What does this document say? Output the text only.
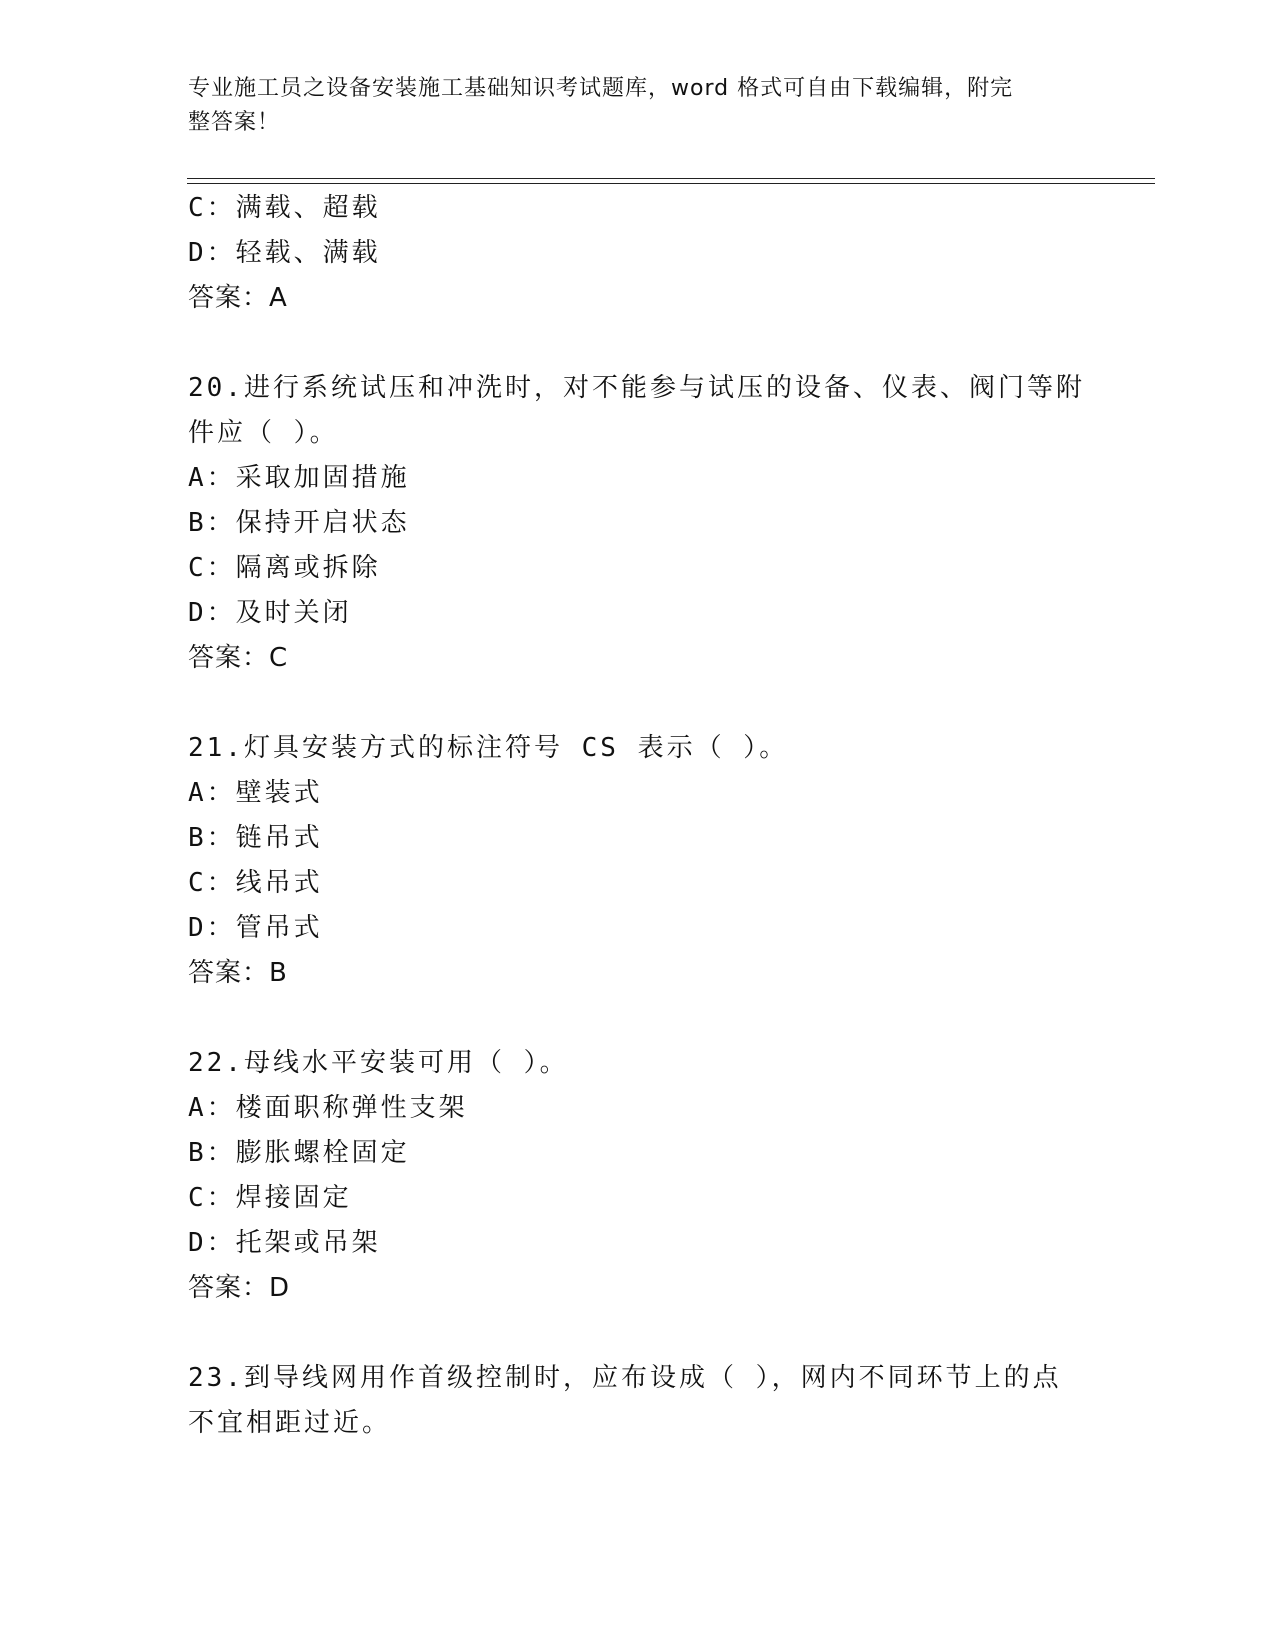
专业施工员之设备安装施工基础知识考试题库，word 格式可自由下载编辑，附完
整答案！
C：满载、超载
D：轻载、满载
答案：A
20.进行系统试压和冲洗时，对不能参与试压的设备、仪表、阀门等附
件应（ ）。
A：采取加固措施
B：保持开启状态
C：隔离或拆除
D：及时关闭
答案：C
21.灯具安装方式的标注符号 CS 表示（ ）。
A：壁装式
B：链吊式
C：线吊式
D：管吊式
答案：B
22.母线水平安装可用（ ）。
A：楼面职称弹性支架
B：膨胀螺栓固定
C：焊接固定
D：托架或吊架
答案：D
23.到导线网用作首级控制时，应布设成（ ），网内不同环节上的点
不宜相距过近。
